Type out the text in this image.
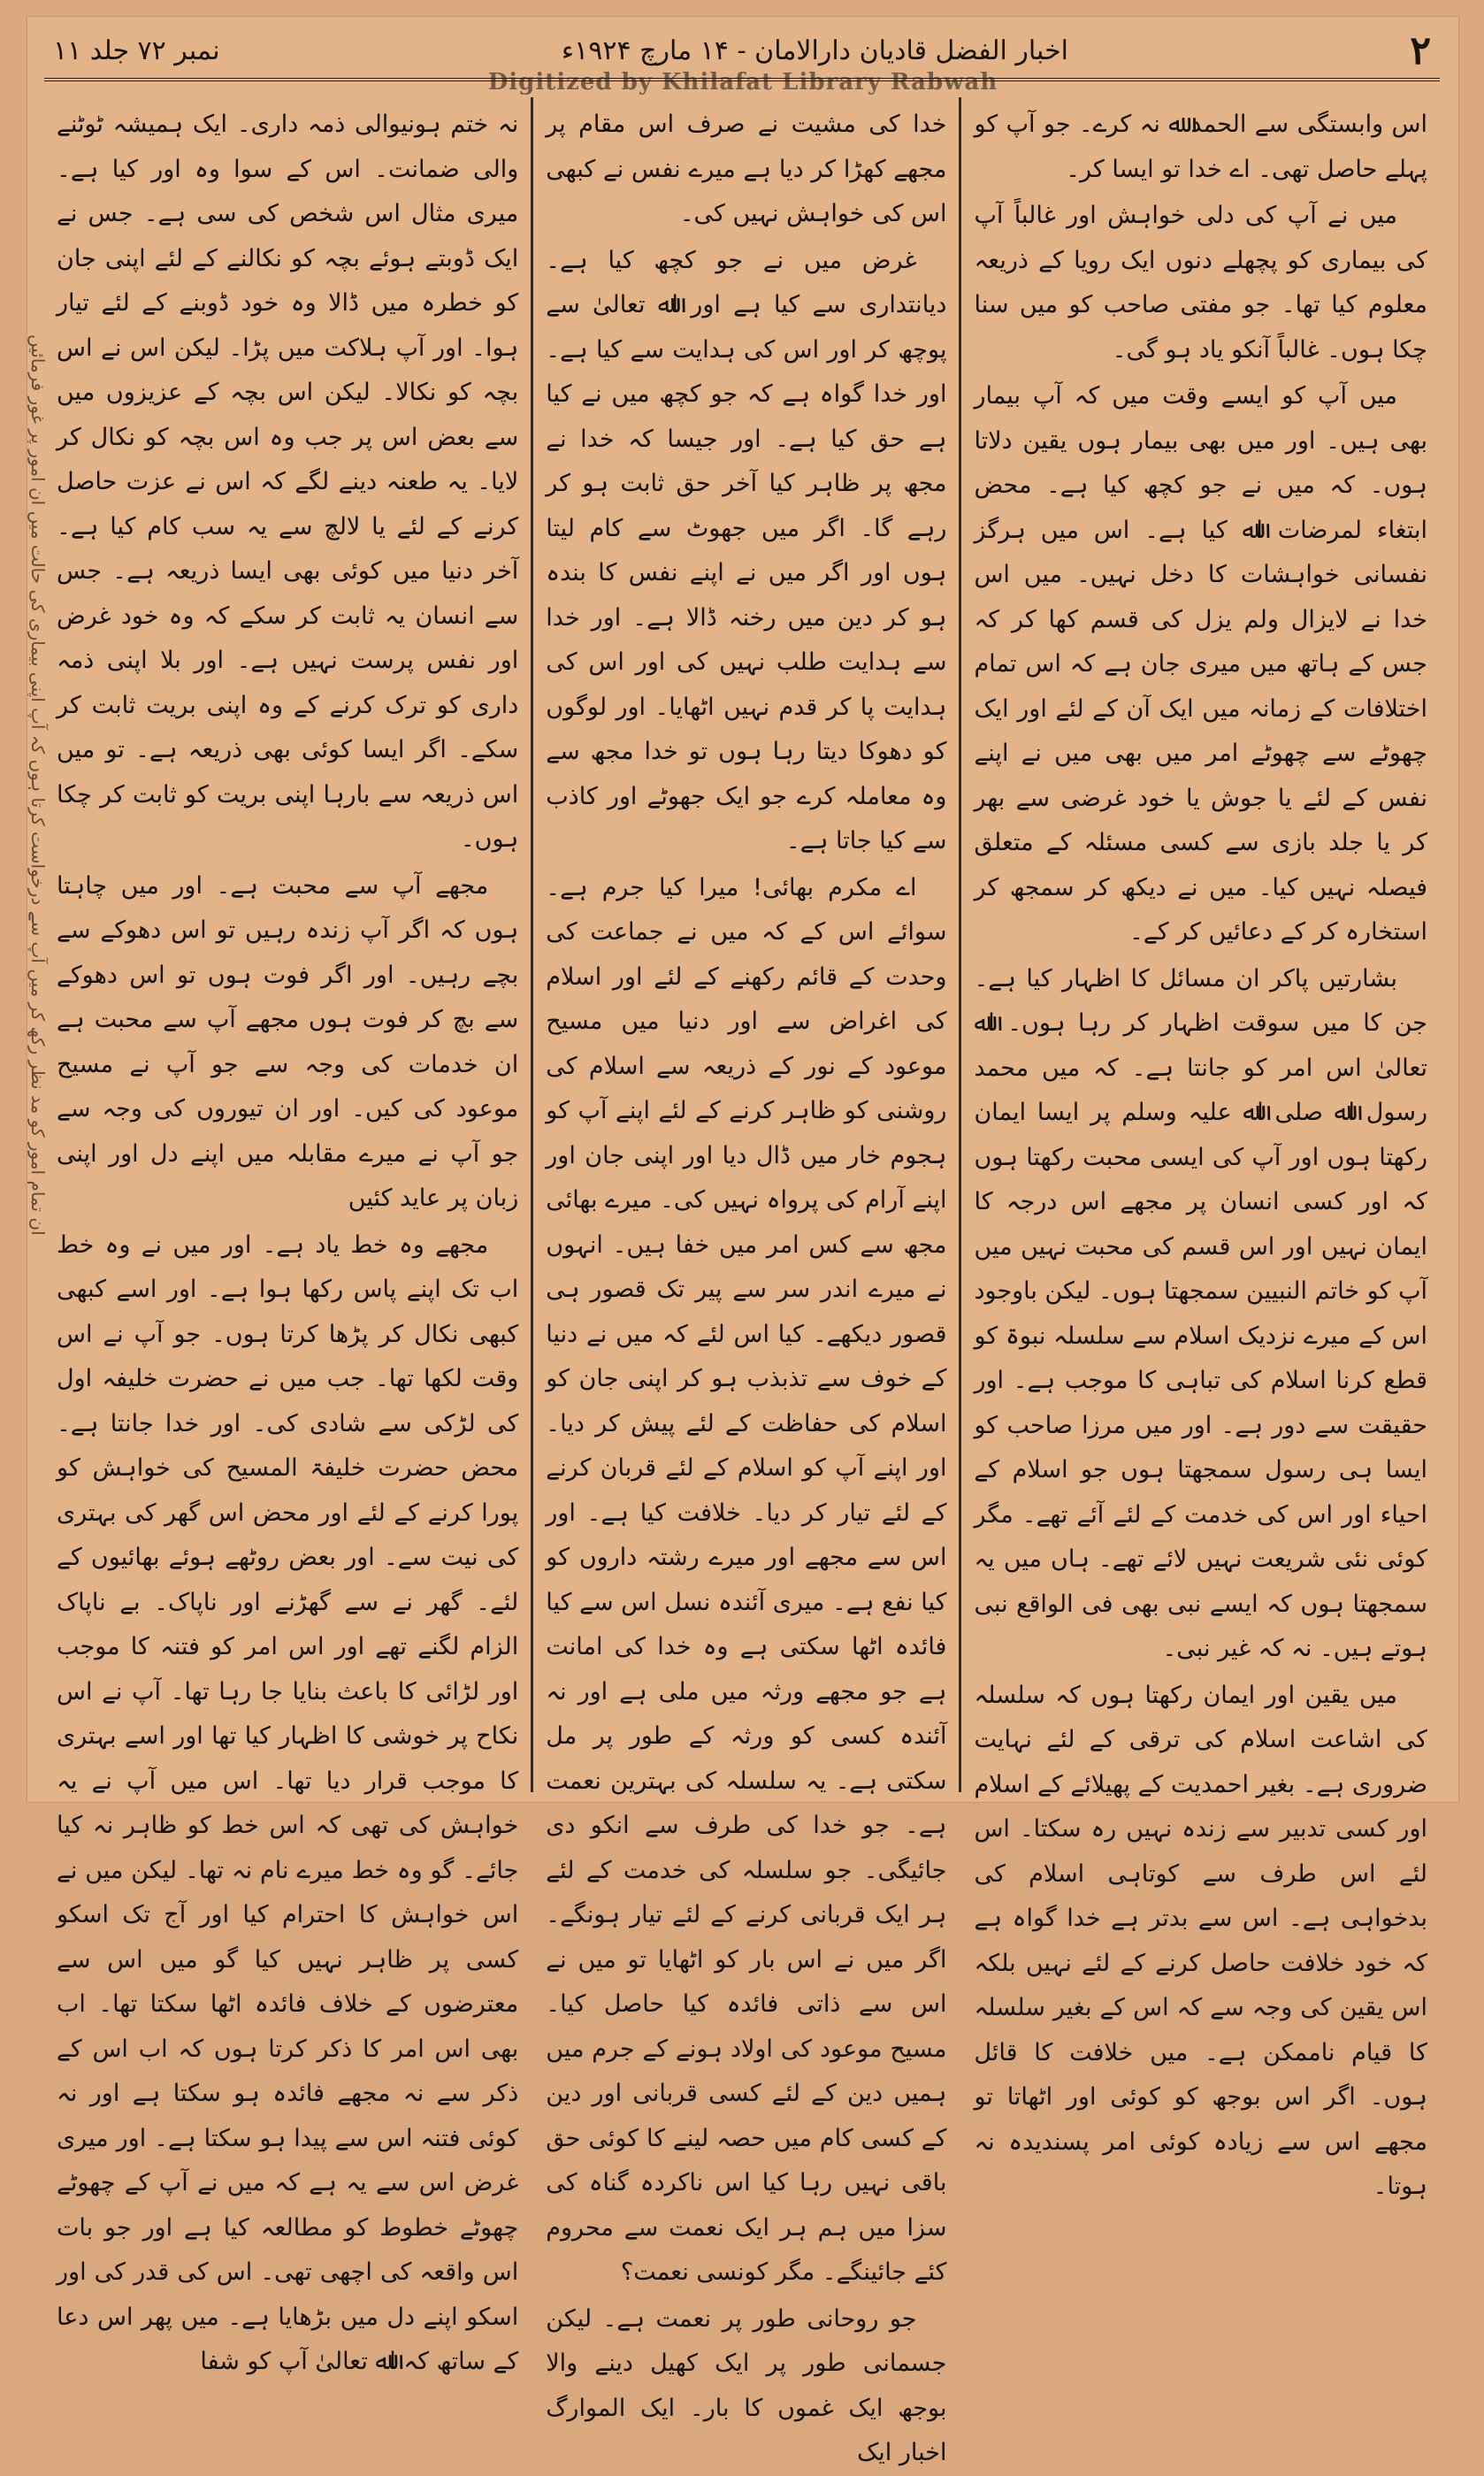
۲
اخبار الفضل قادیان دارالامان - ۱۴ مارچ ۱۹۲۴ء
نمبر ۷۲ جلد ۱۱
Digitized by Khilafat Library Rabwah
ان تمام امور کو مد نظر رکھ کر میں آپ سے درخواست کرتا ہوں کہ آپ اپنی بیماری کی حالت میں ان امور پر غور فرمائیں

اس وابستگی سے الحمد ﷲ نہ کرے۔ جو آپ کو پہلے حاصل تھی۔ اے خدا تو ایسا کر۔

میں نے آپ کی دلی خواہش اور غالباً آپ کی بیماری کو پچھلے دنوں ایک رویا کے ذریعہ معلوم کیا تھا۔ جو مفتی صاحب کو میں سنا چکا ہوں۔ غالباً آنکو یاد ہو گی۔

میں آپ کو ایسے وقت میں کہ آپ بیمار بھی ہیں۔ اور میں بھی بیمار ہوں یقین دلاتا ہوں۔ کہ میں نے جو کچھ کیا ہے۔ محض ابتغاء لمرضات اﷲ کیا ہے۔ اس میں ہرگز نفسانی خواہشات کا دخل نہیں۔ میں اس خدا نے لایزال ولم یزل کی قسم کھا کر کہ جس کے ہاتھ میں میری جان ہے کہ اس تمام اختلافات کے زمانہ میں ایک آن کے لئے اور ایک چھوٹے سے چھوٹے امر میں بھی میں نے اپنے نفس کے لئے یا جوش یا خود غرضی سے بھر کر یا جلد بازی سے کسی مسئلہ کے متعلق فیصلہ نہیں کیا۔ میں نے دیکھ کر سمجھ کر استخارہ کر کے دعائیں کر کے۔

بشارتیں پاکر ان مسائل کا اظہار کیا ہے۔ جن کا میں سوقت اظہار کر رہا ہوں۔ اﷲ تعالیٰ اس امر کو جانتا ہے۔ کہ میں محمد رسول اﷲ صلی اﷲ علیہ وسلم پر ایسا ایمان رکھتا ہوں اور آپ کی ایسی محبت رکھتا ہوں کہ اور کسی انسان پر مجھے اس درجہ کا ایمان نہیں اور اس قسم کی محبت نہیں میں آپ کو خاتم النبیین سمجھتا ہوں۔ لیکن باوجود اس کے میرے نزدیک اسلام سے سلسلہ نبوۃ کو قطع کرنا اسلام کی تباہی کا موجب ہے۔ اور حقیقت سے دور ہے۔ اور میں مرزا صاحب کو ایسا ہی رسول سمجھتا ہوں جو اسلام کے احیاء اور اس کی خدمت کے لئے آئے تھے۔ مگر کوئی نئی شریعت نہیں لائے تھے۔ ہاں میں یہ سمجھتا ہوں کہ ایسے نبی بھی فی الواقع نبی ہوتے ہیں۔ نہ کہ غیر نبی۔

میں یقین اور ایمان رکھتا ہوں کہ سلسلہ کی اشاعت اسلام کی ترقی کے لئے نہایت ضروری ہے۔ بغیر احمدیت کے پھیلائے کے اسلام اور کسی تدبیر سے زندہ نہیں رہ سکتا۔ اس لئے اس طرف سے کوتاہی اسلام کی بدخواہی ہے۔ اس سے بدتر ہے خدا گواہ ہے کہ خود خلافت حاصل کرنے کے لئے نہیں بلکہ اس یقین کی وجہ سے کہ اس کے بغیر سلسلہ کا قیام ناممکن ہے۔ میں خلافت کا قائل ہوں۔ اگر اس بوجھ کو کوئی اور اٹھاتا تو مجھے اس سے زیادہ کوئی امر پسندیدہ نہ ہوتا۔

خدا کی مشیت نے صرف اس مقام پر مجھے کھڑا کر دیا ہے میرے نفس نے کبھی اس کی خواہش نہیں کی۔

غرض میں نے جو کچھ کیا ہے۔ دیانتداری سے کیا ہے اور اﷲ تعالیٰ سے پوچھ کر اور اس کی ہدایت سے کیا ہے۔ اور خدا گواہ ہے کہ جو کچھ میں نے کیا ہے حق کیا ہے۔ اور جیسا کہ خدا نے مجھ پر ظاہر کیا آخر حق ثابت ہو کر رہے گا۔ اگر میں جھوٹ سے کام لیتا ہوں اور اگر میں نے اپنے نفس کا بندہ ہو کر دین میں رخنہ ڈالا ہے۔ اور خدا سے ہدایت طلب نہیں کی اور اس کی ہدایت پا کر قدم نہیں اٹھایا۔ اور لوگوں کو دھوکا دیتا رہا ہوں تو خدا مجھ سے وہ معاملہ کرے جو ایک جھوٹے اور کاذب سے کیا جاتا ہے۔

اے مکرم بھائی! میرا کیا جرم ہے۔ سوائے اس کے کہ میں نے جماعت کی وحدت کے قائم رکھنے کے لئے اور اسلام کی اغراض سے اور دنیا میں مسیح موعود کے نور کے ذریعہ سے اسلام کی روشنی کو ظاہر کرنے کے لئے اپنے آپ کو ہجوم خار میں ڈال دیا اور اپنی جان اور اپنے آرام کی پرواہ نہیں کی۔ میرے بھائی مجھ سے کس امر میں خفا ہیں۔ انہوں نے میرے اندر سر سے پیر تک قصور ہی قصور دیکھے۔ کیا اس لئے کہ میں نے دنیا کے خوف سے تذبذب ہو کر اپنی جان کو اسلام کی حفاظت کے لئے پیش کر دیا۔ اور اپنے آپ کو اسلام کے لئے قربان کرنے کے لئے تیار کر دیا۔ خلافت کیا ہے۔ اور اس سے مجھے اور میرے رشتہ داروں کو کیا نفع ہے۔ میری آئندہ نسل اس سے کیا فائدہ اٹھا سکتی ہے وہ خدا کی امانت ہے جو مجھے ورثہ میں ملی ہے اور نہ آئندہ کسی کو ورثہ کے طور پر مل سکتی ہے۔ یہ سلسلہ کی بہترین نعمت ہے۔ جو خدا کی طرف سے انکو دی جائیگی۔ جو سلسلہ کی خدمت کے لئے ہر ایک قربانی کرنے کے لئے تیار ہونگے۔ اگر میں نے اس بار کو اٹھایا تو میں نے اس سے ذاتی فائدہ کیا حاصل کیا۔ مسیح موعود کی اولاد ہونے کے جرم میں ہمیں دین کے لئے کسی قربانی اور دین کے کسی کام میں حصہ لینے کا کوئی حق باقی نہیں رہا کیا اس ناکردہ گناہ کی سزا میں ہم ہر ایک نعمت سے محروم کئے جائینگے۔ مگر کونسی نعمت؟

جو روحانی طور پر نعمت ہے۔ لیکن جسمانی طور پر ایک کھیل دینے والا بوجھ ایک غموں کا بار۔ ایک الموارگ اخبار ایک

نہ ختم ہونیوالی ذمہ داری۔ ایک ہمیشہ ٹوٹنے والی ضمانت۔ اس کے سوا وہ اور کیا ہے۔ میری مثال اس شخص کی سی ہے۔ جس نے ایک ڈوبتے ہوئے بچہ کو نکالنے کے لئے اپنی جان کو خطرہ میں ڈالا وہ خود ڈوبنے کے لئے تیار ہوا۔ اور آپ ہلاکت میں پڑا۔ لیکن اس نے اس بچہ کو نکالا۔ لیکن اس بچہ کے عزیزوں میں سے بعض اس پر جب وہ اس بچہ کو نکال کر لایا۔ یہ طعنہ دینے لگے کہ اس نے عزت حاصل کرنے کے لئے یا لالچ سے یہ سب کام کیا ہے۔ آخر دنیا میں کوئی بھی ایسا ذریعہ ہے۔ جس سے انسان یہ ثابت کر سکے کہ وہ خود غرض اور نفس پرست نہیں ہے۔ اور بلا اپنی ذمہ داری کو ترک کرنے کے وہ اپنی بریت ثابت کر سکے۔ اگر ایسا کوئی بھی ذریعہ ہے۔ تو میں اس ذریعہ سے بارہا اپنی بریت کو ثابت کر چکا ہوں۔

مجھے آپ سے محبت ہے۔ اور میں چاہتا ہوں کہ اگر آپ زندہ رہیں تو اس دھوکے سے بچے رہیں۔ اور اگر فوت ہوں تو اس دھوکے سے بچ کر فوت ہوں مجھے آپ سے محبت ہے ان خدمات کی وجہ سے جو آپ نے مسیح موعود کی کیں۔ اور ان تیوروں کی وجہ سے جو آپ نے میرے مقابلہ میں اپنے دل اور اپنی زبان پر عاید کئیں

مجھے وہ خط یاد ہے۔ اور میں نے وہ خط اب تک اپنے پاس رکھا ہوا ہے۔ اور اسے کبھی کبھی نکال کر پڑھا کرتا ہوں۔ جو آپ نے اس وقت لکھا تھا۔ جب میں نے حضرت خلیفہ اول کی لڑکی سے شادی کی۔ اور خدا جانتا ہے۔ محض حضرت خلیفۃ المسیح کی خواہش کو پورا کرنے کے لئے اور محض اس گھر کی بہتری کی نیت سے۔ اور بعض روٹھے ہوئے بھائیوں کے لئے۔ گھر نے سے گھڑنے اور ناپاک۔ بے ناپاک الزام لگنے تھے اور اس امر کو فتنہ کا موجب اور لڑائی کا باعث بنایا جا رہا تھا۔ آپ نے اس نکاح پر خوشی کا اظہار کیا تھا اور اسے بہتری کا موجب قرار دیا تھا۔ اس میں آپ نے یہ خواہش کی تھی کہ اس خط کو ظاہر نہ کیا جائے۔ گو وہ خط میرے نام نہ تھا۔ لیکن میں نے اس خواہش کا احترام کیا اور آج تک اسکو کسی پر ظاہر نہیں کیا گو میں اس سے معترضوں کے خلاف فائدہ اٹھا سکتا تھا۔ اب بھی اس امر کا ذکر کرتا ہوں کہ اب اس کے ذکر سے نہ مجھے فائدہ ہو سکتا ہے اور نہ کوئی فتنہ اس سے پیدا ہو سکتا ہے۔ اور میری غرض اس سے یہ ہے کہ میں نے آپ کے چھوٹے چھوٹے خطوط کو مطالعہ کیا ہے اور جو بات اس واقعہ کی اچھی تھی۔ اس کی قدر کی اور اسکو اپنے دل میں بڑھایا ہے۔ میں پھر اس دعا کے ساتھ کہ اﷲ تعالیٰ آپ کو شفا
